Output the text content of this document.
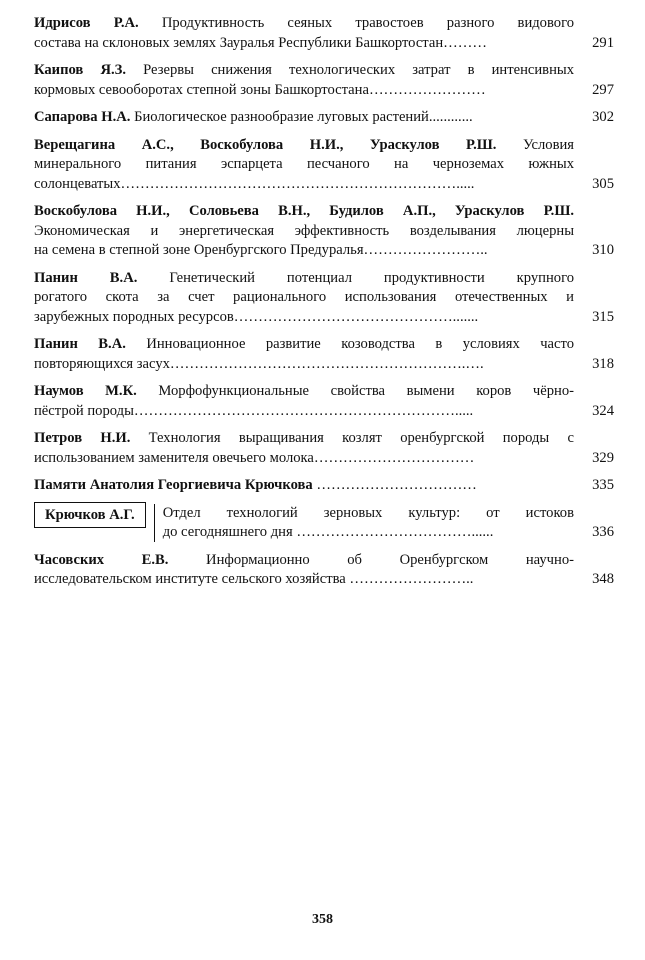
Идрисов Р.А. Продуктивность сеяных травостоев разного видового
состава на склоновых землях Зауралья Республики Башкортостан………	291
Каипов Я.З. Резервы снижения технологических затрат в интенсивных
кормовых севооборотах степной зоны Башкортостана……………………	297
Сапарова Н.А. Биологическое разнообразие луговых растений............	302
Верещагина А.С., Воскобулова Н.И., Ураскулов Р.Ш. Условия
минерального питания эспарцета песчаного на черноземах южных
солонцеватых…………………………………………………………….....	305
Воскобулова Н.И., Соловьева В.Н., Будилов А.П., Ураскулов Р.Ш.
Экономическая и энергетическая эффективность возделывания люцерны
на семена в степной зоне Оренбургского Предуралья……………………..	310
Панин В.А. Генетический потенциал продуктивности крупного
рогатого скота за счет рационального использования отечественных и
зарубежных породных ресурсов……………………………………….......	315
Панин В.А. Инновационное развитие козоводства в условиях часто
повторяющихся засух…………………………………………………….….	318
Наумов М.К. Морфофункциональные свойства вымени коров чёрно-
пёстрой породы………………………………………………………….....	324
Петров Н.И. Технология выращивания козлят оренбургской породы с
использованием заменителя овечьего молока……………………………	329
Памяти Анатолия Георгиевича Крючкова ……………………………	335
Крючков А.Г.	Отдел технологий зерновых культур: от истоков
до сегодняшнего дня ………………………………......	336
Часовских Е.В. Информационно об Оренбургском научно-
исследовательском институте сельского хозяйства ……………………..	348
358
